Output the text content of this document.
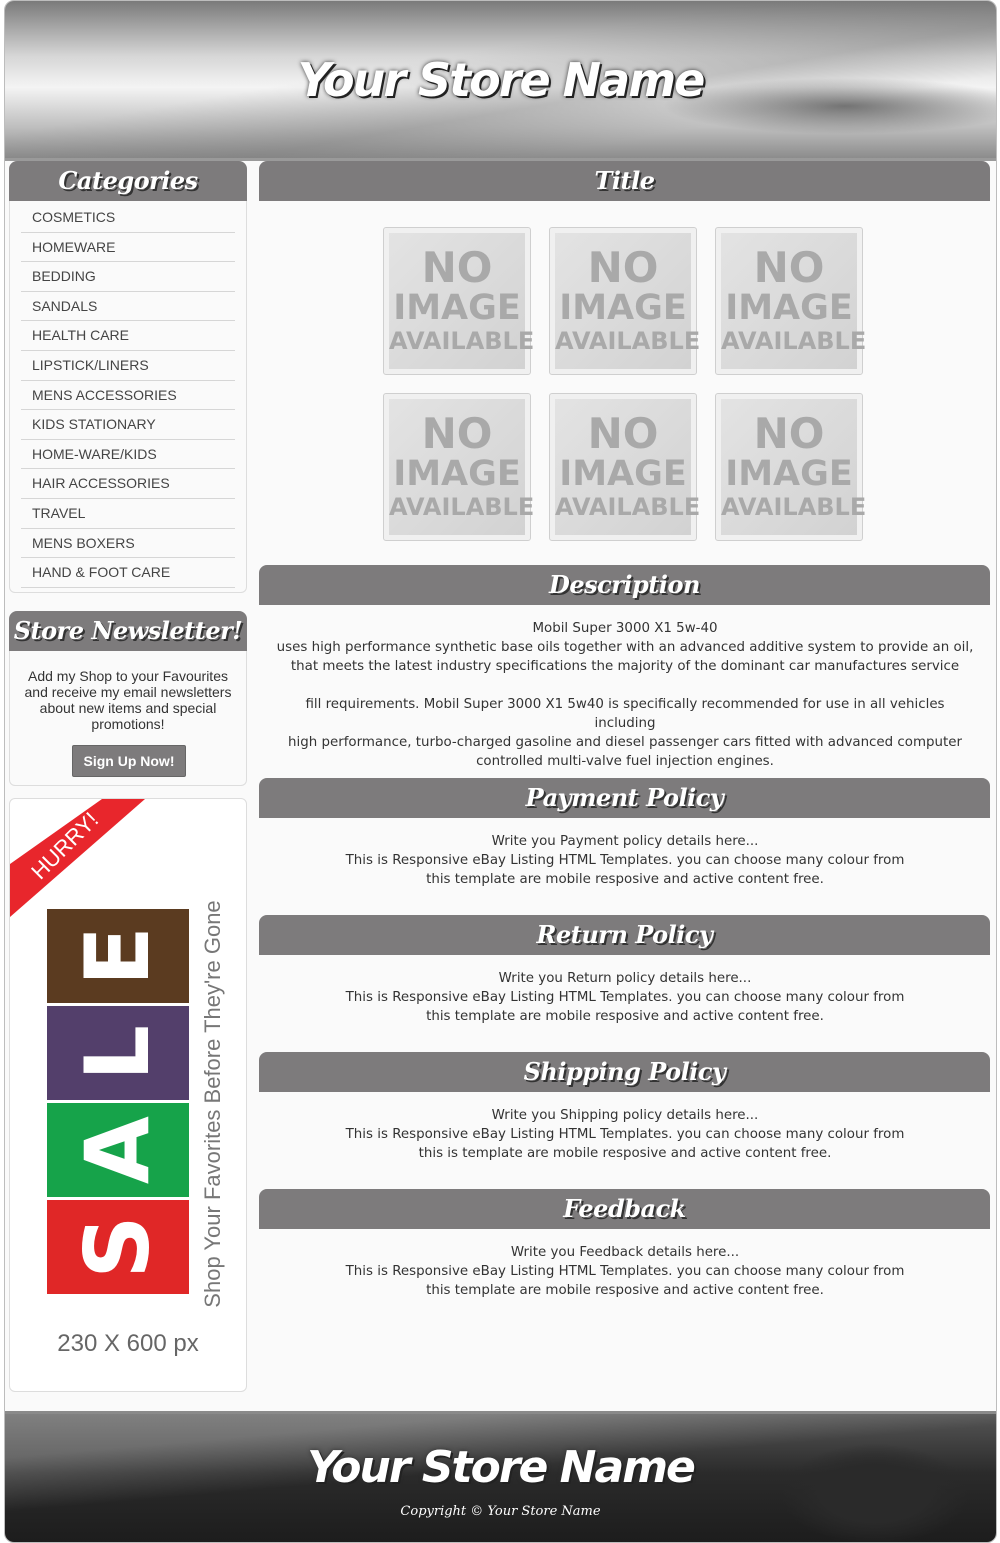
Your Store Name
Categories
COSMETICS
HOMEWARE
BEDDING
SANDALS
HEALTH CARE
LIPSTICK/LINERS
MENS ACCESSORIES
KIDS STATIONARY
HOME-WARE/KIDS
HAIR ACCESSORIES
TRAVEL
MENS BOXERS
HAND & FOOT CARE
Store Newsletter!
Add my Shop to your Favourites and receive my email newsletters about new items and special promotions!
Sign Up Now!
HURRY!
E
L
A
S Shop Your Favorites Before They're Gone
230 X 600 px
Title
NO
IMAGE
AVAILABLE
NO
IMAGE
AVAILABLE
NO
IMAGE
AVAILABLE
NO
IMAGE
AVAILABLE
NO
IMAGE
AVAILABLE
NO
IMAGE
AVAILABLE
Description
Mobil Super 3000 X1 5w-40
uses high performance synthetic base oils together with an advanced additive system to provide an oil,
that meets the latest industry specifications the majority of the dominant car manufactures service

fill requirements. Mobil Super 3000 X1 5w40 is specifically recommended for use in all vehicles including
high performance, turbo-charged gasoline and diesel passenger cars fitted with advanced computer
controlled multi-valve fuel injection engines.
Payment Policy
Write you Payment policy details here...
This is Responsive eBay Listing HTML Templates. you can choose many colour from
this template are mobile resposive and active content free.
Return Policy
Write you Return policy details here...
This is Responsive eBay Listing HTML Templates. you can choose many colour from
this template are mobile resposive and active content free.
Shipping Policy
Write you Shipping policy details here...
This is Responsive eBay Listing HTML Templates. you can choose many colour from
this is template are mobile resposive and active content free.
Feedback
Write you Feedback details here...
This is Responsive eBay Listing HTML Templates. you can choose many colour from
this template are mobile resposive and active content free.
Your Store Name
Copyright © Your Store Name
